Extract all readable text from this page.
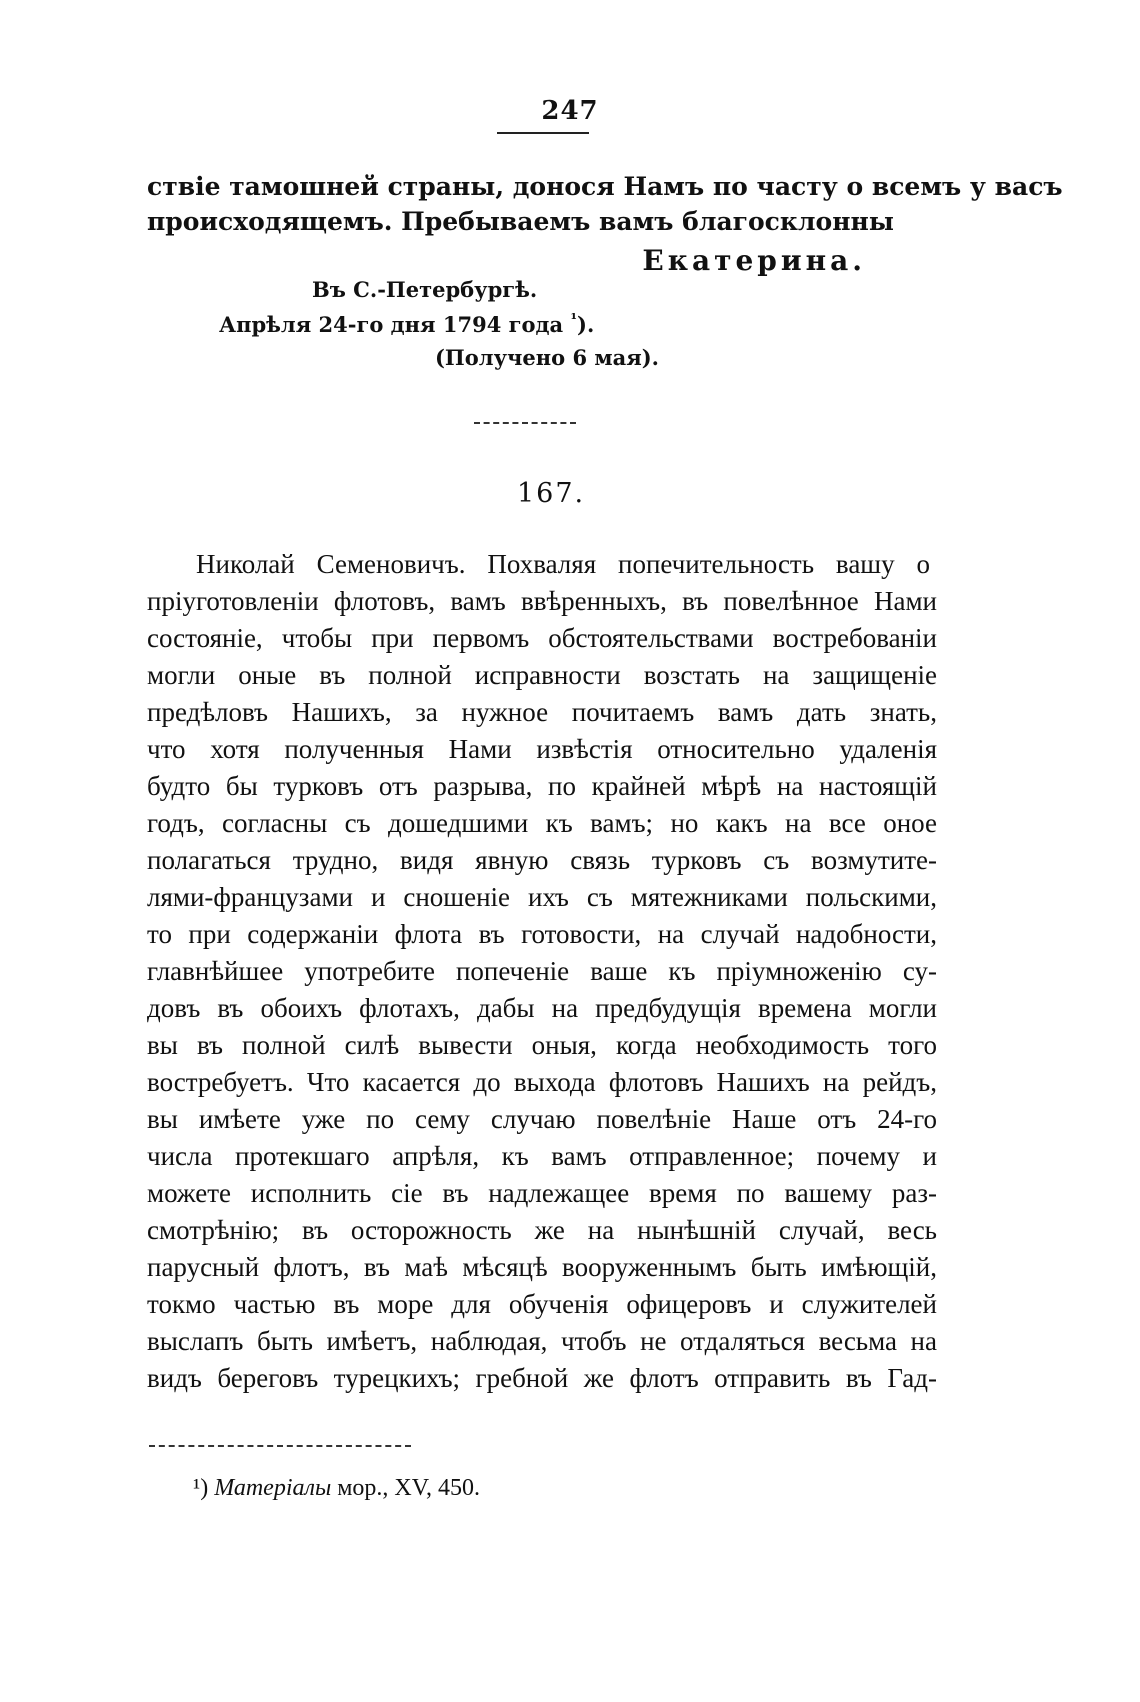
247
ствіе тамошней страны, донося Намъ по часту о всемъ у васъ
происходящемъ. Пребываемъ вамъ благосклонны
Екатерина.
Въ С.-Петербургѣ.
Апрѣля 24-го дня 1794 года $^{^1}$).
(Получено 6 мая).
167.
Николай Семеновичъ. Похваляя попечительность вашу о
пріуготовленіи флотовъ, вамъ ввѣренныхъ, въ повелѣнное Нами
состояніе, чтобы при первомъ обстоятельствами востребованіи
могли оные въ полной исправности возстать на защищеніе
предѣловъ Нашихъ, за нужное почитаемъ вамъ дать знать,
что хотя полученныя Нами извѣстія относительно удаленія
будто бы турковъ отъ разрыва, по крайней мѣрѣ на настоящій
годъ, согласны съ дошедшими къ вамъ; но какъ на все оное
полагаться трудно, видя явную связь турковъ съ возмутите-
лями-французами и сношеніе ихъ съ мятежниками польскими,
то при содержаніи флота въ готовости, на случай надобности,
главнѣйшее употребите попеченіе ваше къ пріумноженію су-
довъ въ обоихъ флотахъ, дабы на предбудущія времена могли
вы въ полной силѣ вывести оныя, когда необходимость того
востребуетъ. Что касается до выхода флотовъ Нашихъ на рейдъ,
вы имѣете уже по сему случаю повелѣніе Наше отъ 24-го
числа протекшаго апрѣля, къ вамъ отправленное; почему и
можете исполнить сіе въ надлежащее время по вашему раз-
смотрѣнію; въ осторожность же на нынѣшній случай, весь
парусный флотъ, въ маѣ мѣсяцѣ вооруженнымъ быть имѣющій,
токмо частью въ море для обученія офицеровъ и служителей
выслапъ быть имѣетъ, наблюдая, чтобъ не отдаляться весьма на
видъ береговъ турецкихъ; гребной же флотъ отправить въ Гад-
¹) Матеріалы мор., XV, 450.
